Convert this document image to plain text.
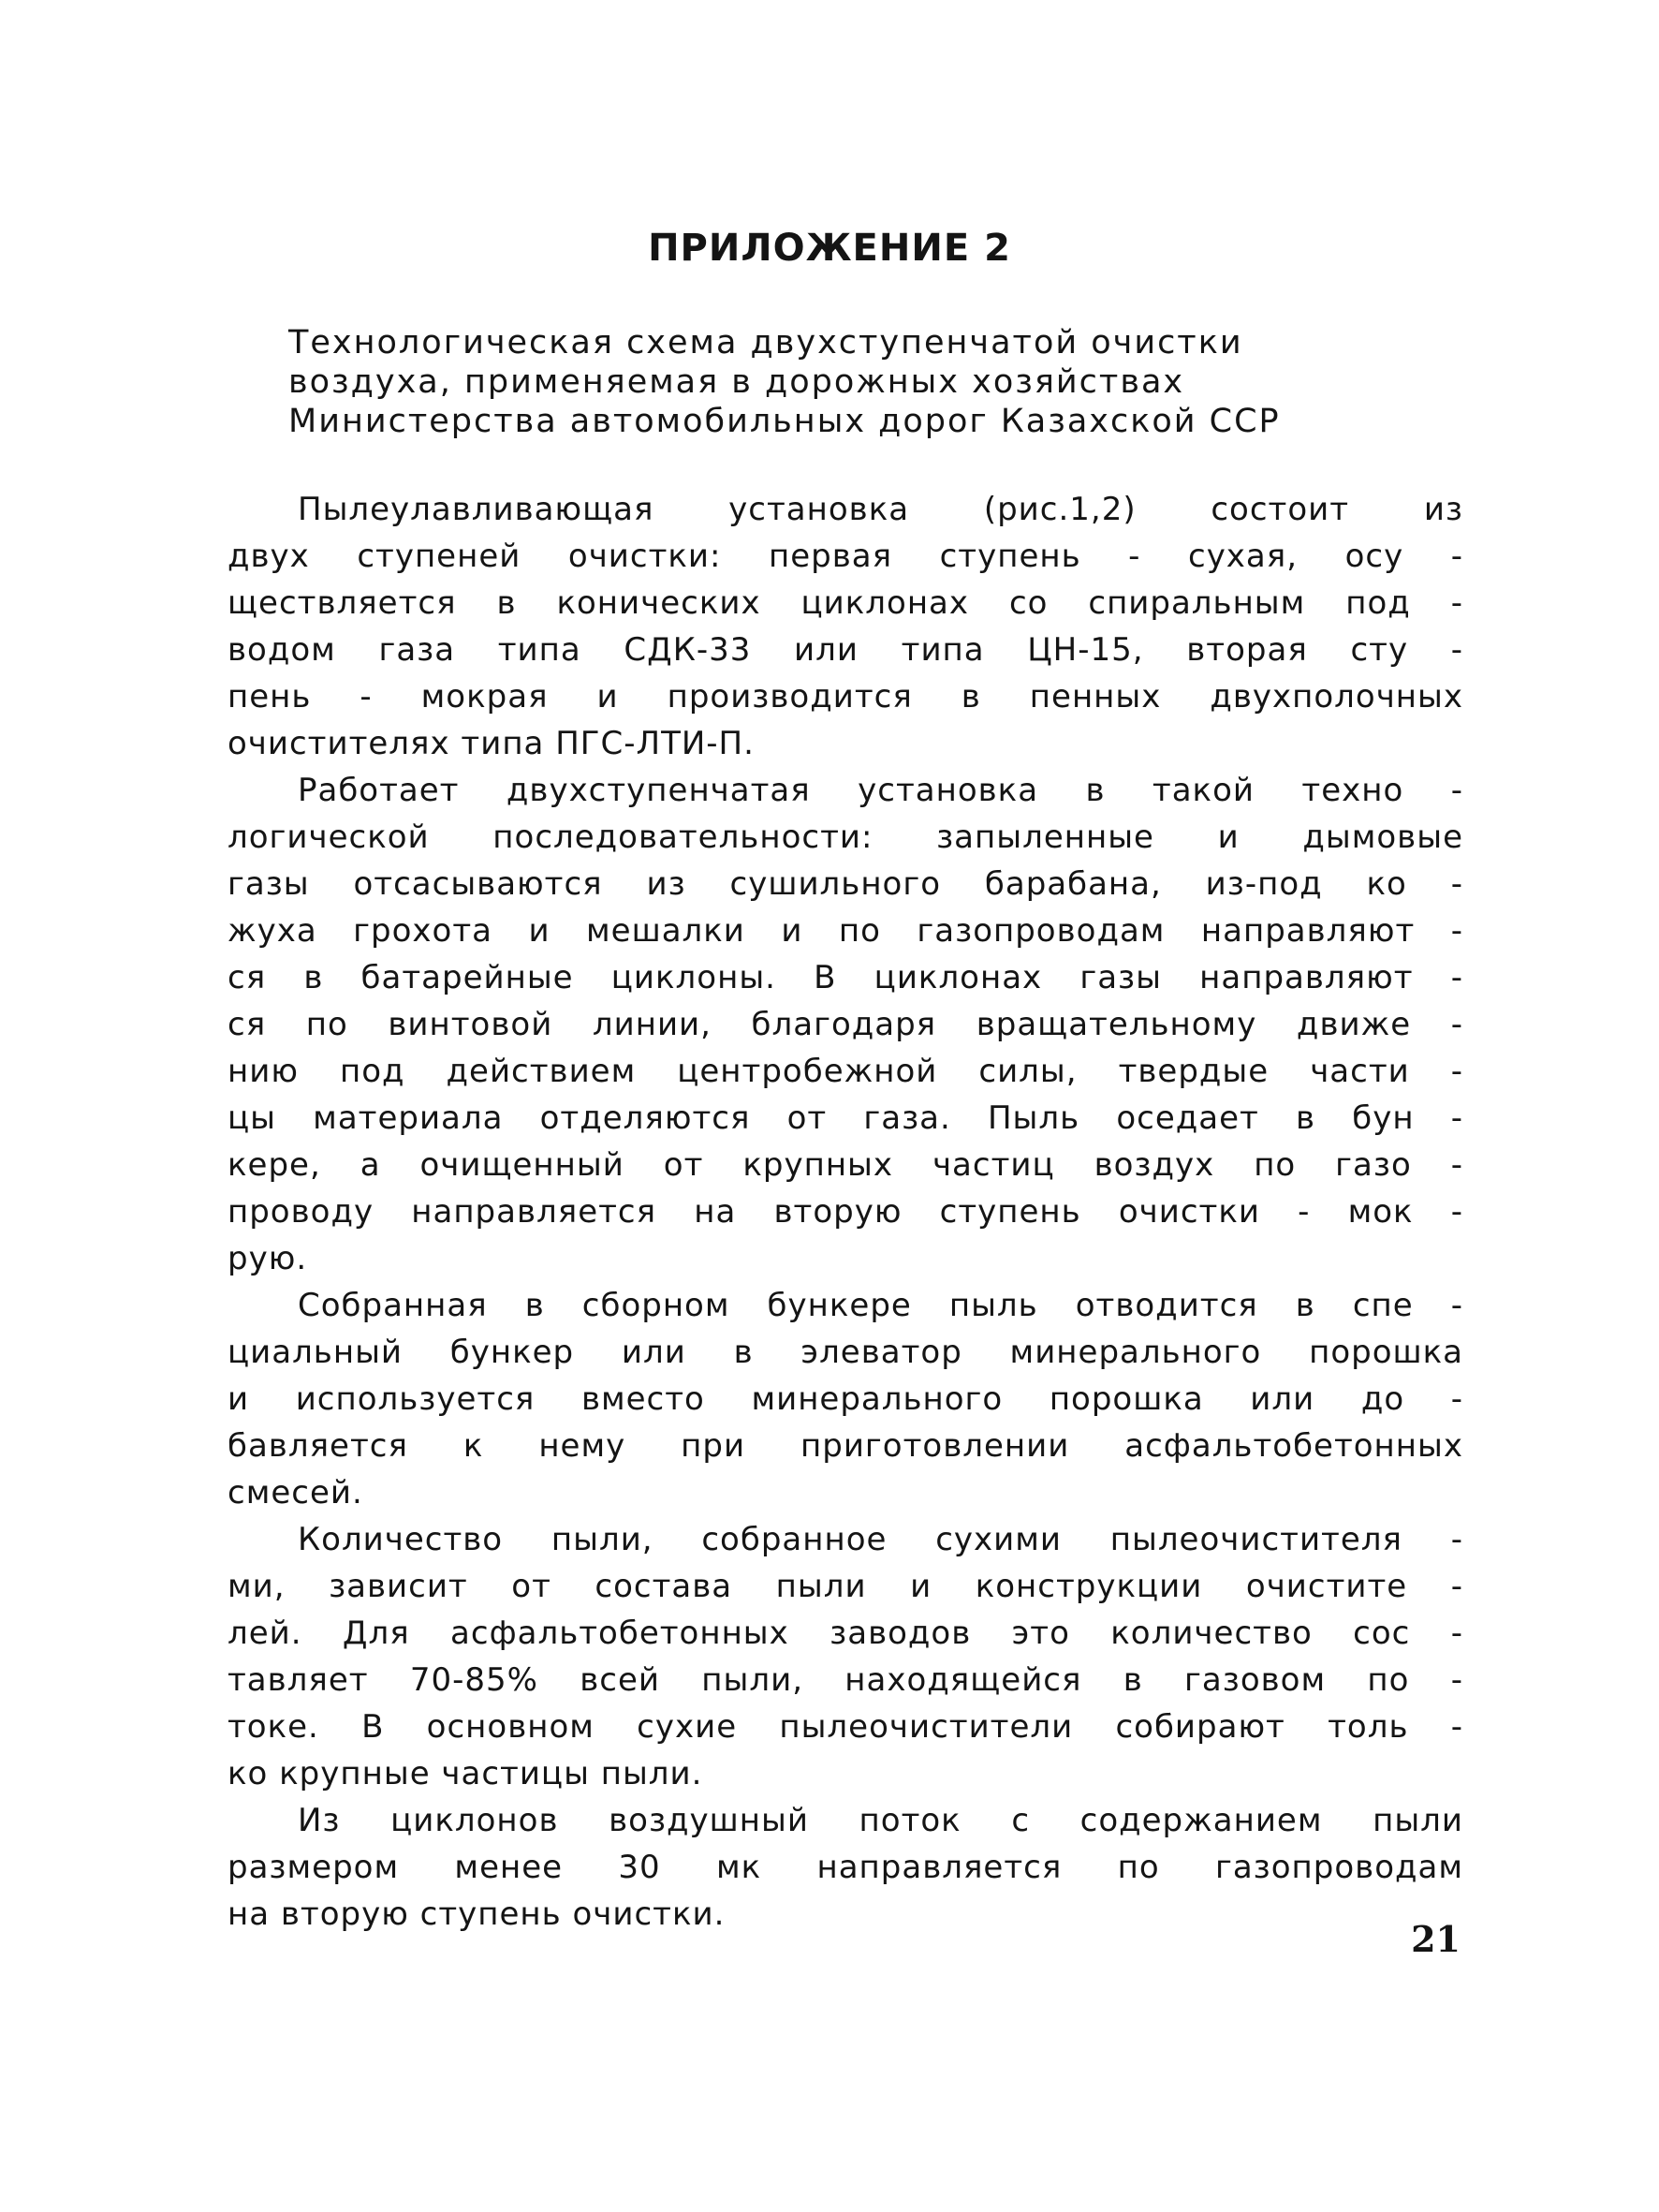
ПРИЛОЖЕНИЕ 2
Технологическая схема двухступенчатой очистки
воздуха, применяемая в дорожных хозяйствах
Министерства автомобильных дорог Казахской ССР
Пылеулавливающая установка (рис.1,2) состоит из
двух ступеней очистки: первая ступень - сухая, осу -
ществляется в конических циклонах со спиральным под -
водом газа типа СДК-33 или типа ЦН-15, вторая сту -
пень - мокрая и производится в пенных двухполочных
очистителях типа ПГС-ЛТИ-П.
Работает двухступенчатая установка в такой техно -
логической последовательности: запыленные и дымовые
газы отсасываются из сушильного барабана, из-под ко -
жуха грохота и мешалки и по газопроводам направляют -
ся в батарейные циклоны. В циклонах газы направляют -
ся по винтовой линии, благодаря вращательному движе -
нию под действием центробежной силы, твердые части -
цы материала отделяются от газа. Пыль оседает в бун -
кере, а очищенный от крупных частиц воздух по газо -
проводу направляется на вторую ступень очистки - мок -
рую.
Собранная в сборном бункере пыль отводится в спе -
циальный бункер или в элеватор минерального порошка
и используется вместо минерального порошка или до -
бавляется к нему при приготовлении асфальтобетонных
смесей.
Количество пыли, собранное сухими пылеочистителя -
ми, зависит от состава пыли и конструкции очистите -
лей. Для асфальтобетонных заводов это количество сос -
тавляет 70-85% всей пыли, находящейся в газовом по -
токе. В основном сухие пылеочистители собирают толь -
ко крупные частицы пыли.
Из циклонов воздушный поток с содержанием пыли
размером менее 30 мк направляется по газопроводам
на вторую ступень очистки.
21
